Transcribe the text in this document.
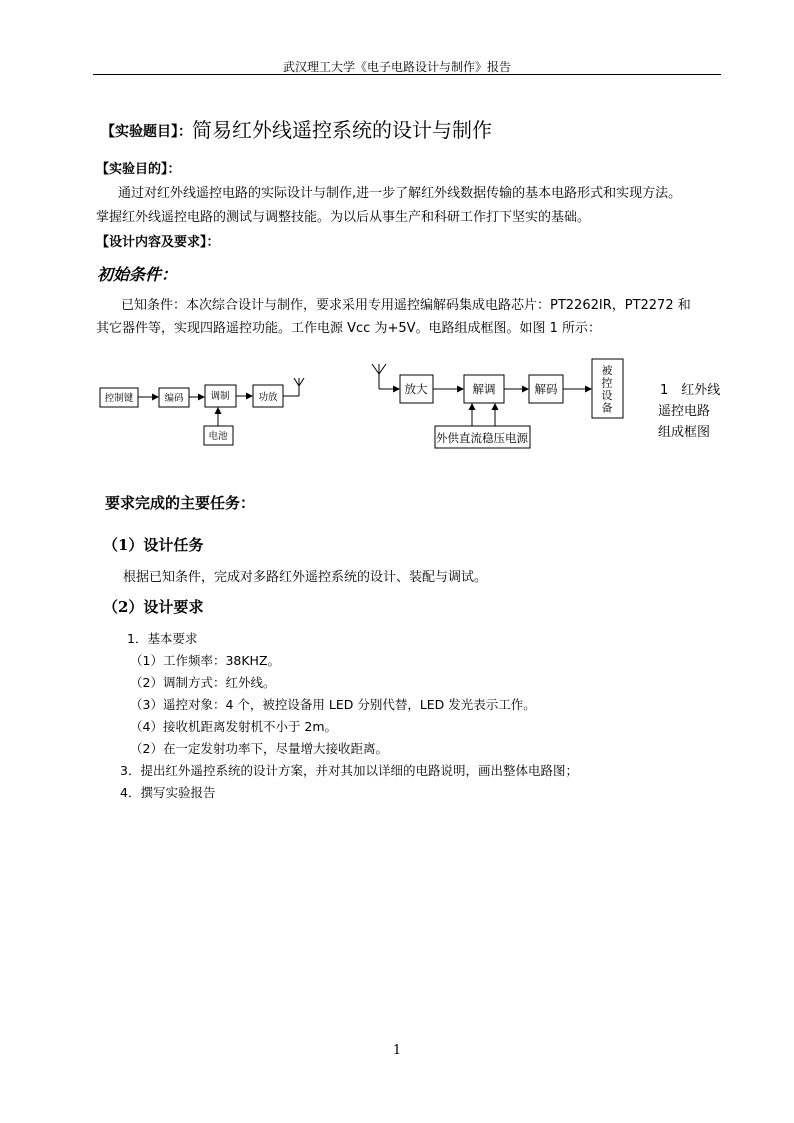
武汉理工大学《电子电路设计与制作》报告
【实验题目】：简易红外线遥控系统的设计与制作
【实验目的】：
通过对红外线遥控电路的实际设计与制作,进一步了解红外线数据传输的基本电路形式和实现方法。
掌握红外线遥控电路的测试与调整技能。为以后从事生产和科研工作打下坚实的基础。
【设计内容及要求】：
初始条件：
已知条件：本次综合设计与制作，要求采用专用遥控编解码集成电路芯片：PT2262IR，PT2272 和
其它器件等，实现四路遥控功能。工作电源 Vcc 为+5V。电路组成框图。如图 1 所示：
控制键	编码	调制	功放
电池
放大	解调	解码
外供直流稳压电源
被控设备
1　红外线
遥控电路
组成框图
要求完成的主要任务：
（1）设计任务
根据已知条件，完成对多路红外遥控系统的设计、装配与调试。
（2）设计要求
1．基本要求
（1）工作频率：38KHZ。
（2）调制方式：红外线。
（3）遥控对象：4 个，被控设备用 LED 分别代替，LED 发光表示工作。
（4）接收机距离发射机不小于 2m。
（2）在一定发射功率下，尽量增大接收距离。
3．提出红外遥控系统的设计方案，并对其加以详细的电路说明，画出整体电路图；
4．撰写实验报告
1
